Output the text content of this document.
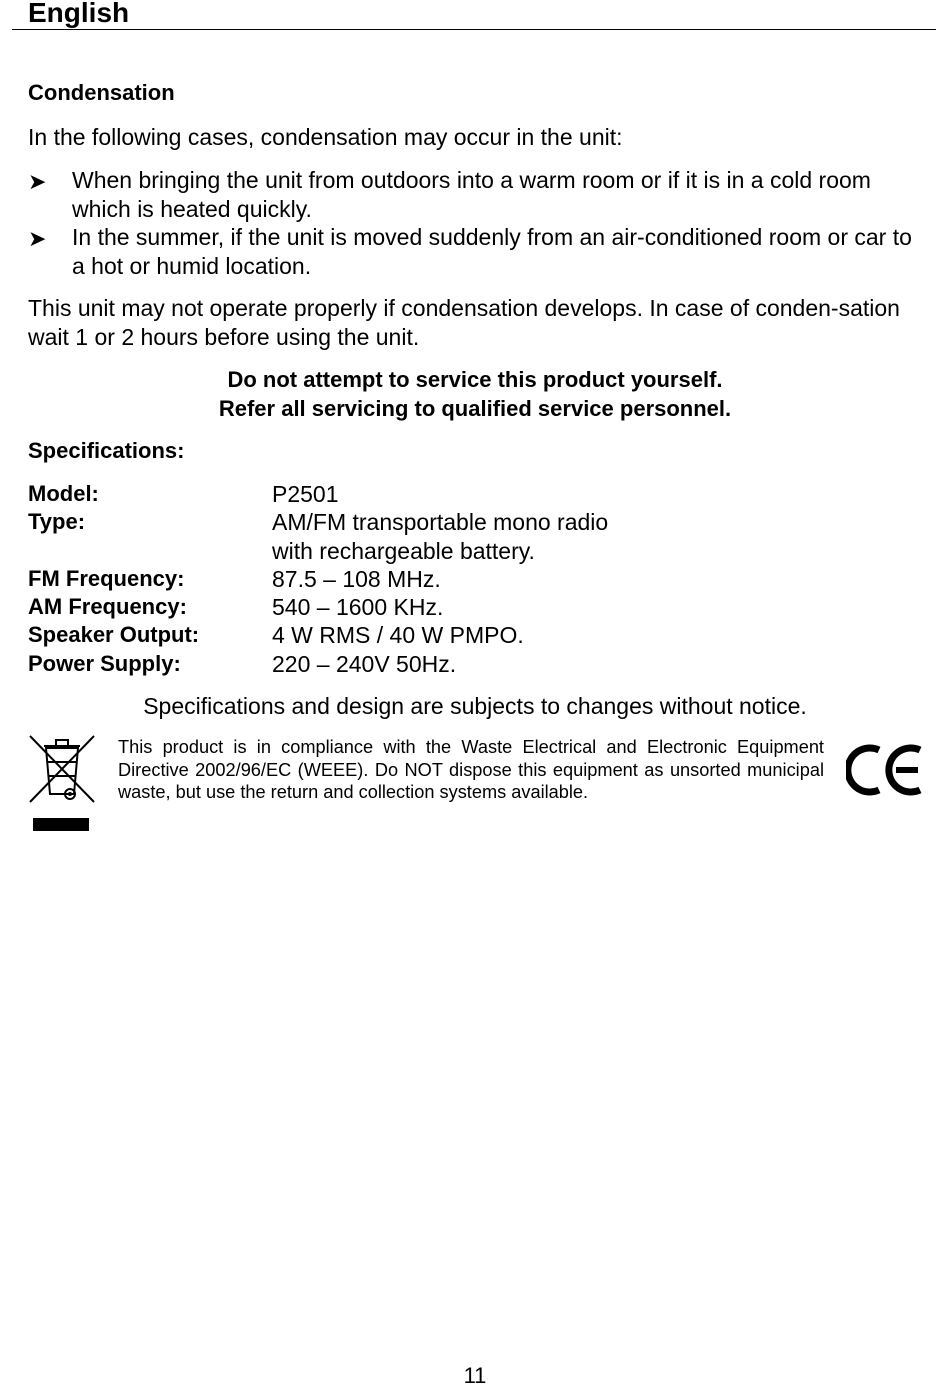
English
Condensation
In the following cases, condensation may occur in the unit:
➤ When bringing the unit from outdoors into a warm room or if it is in a cold room which is heated quickly.
➤ In the summer, if the unit is moved suddenly from an air-conditioned room or car to a hot or humid location.
This unit may not operate properly if condensation develops. In case of conden-sation wait 1 or 2 hours before using the unit.
Do not attempt to service this product yourself.
Refer all servicing to qualified service personnel.
Specifications:
Model:	P2501
Type:	AM/FM transportable mono radio
	with rechargeable battery.
FM Frequency:	87.5 – 108 MHz.
AM Frequency:	540 – 1600 KHz.
Speaker Output:	4 W RMS / 40 W PMPO.
Power Supply:	220 – 240V 50Hz.
Specifications and design are subjects to changes without notice.
This product is in compliance with the Waste Electrical and Electronic Equipment Directive 2002/96/EC (WEEE). Do NOT dispose this equipment as unsorted municipal waste, but use the return and collection systems available.
11
